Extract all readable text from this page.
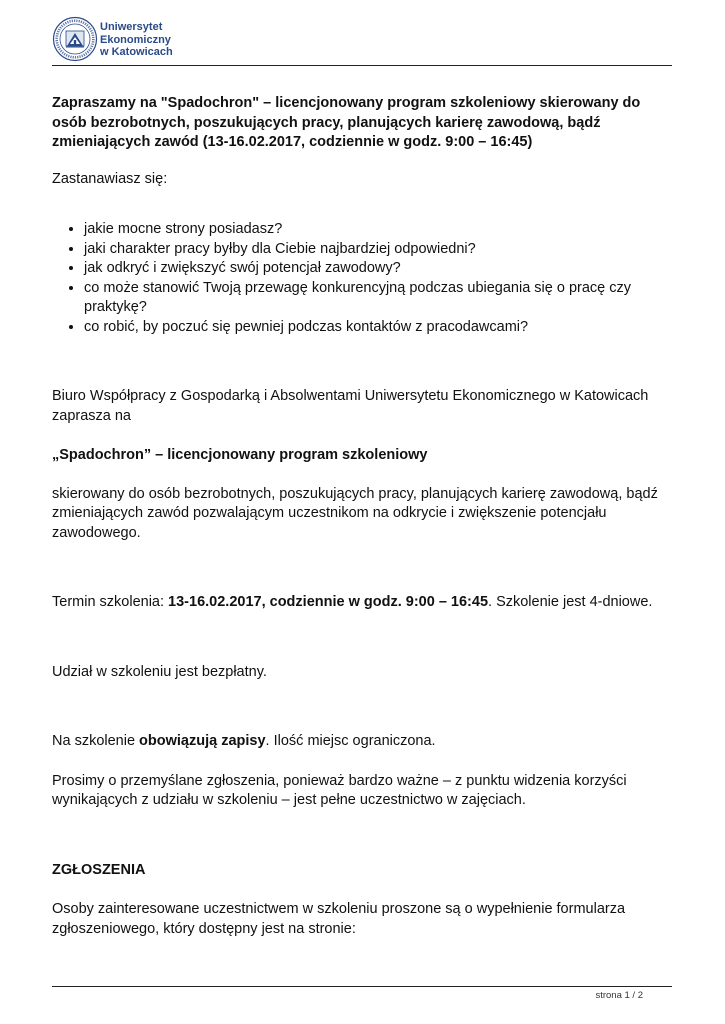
Uniwersytet
Ekonomiczny
w Katowicach

Zapraszamy na "Spadochron" – licencjonowany program szkoleniowy skierowany do osób bezrobotnych, poszukujących pracy, planujących karierę zawodową, bądź zmieniających zawód (13-16.02.2017, codziennie w godz. 9:00 – 16:45)

Zastanawiasz się:

• jakie mocne strony posiadasz?
• jaki charakter pracy byłby dla Ciebie najbardziej odpowiedni?
• jak odkryć i zwiększyć swój potencjał zawodowy?
• co może stanowić Twoją przewagę konkurencyjną podczas ubiegania się o pracę czy praktykę?
• co robić, by poczuć się pewniej podczas kontaktów z pracodawcami?

Biuro Współpracy z Gospodarką i Absolwentami Uniwersytetu Ekonomicznego w Katowicach zaprasza na

„Spadochron” – licencjonowany program szkoleniowy

skierowany do osób bezrobotnych, poszukujących pracy, planujących karierę zawodową, bądź zmieniających zawód pozwalającym uczestnikom na odkrycie i zwiększenie potencjału zawodowego.

Termin szkolenia: 13-16.02.2017, codziennie w godz. 9:00 – 16:45. Szkolenie jest 4-dniowe.

Udział w szkoleniu jest bezpłatny.

Na szkolenie obowiązują zapisy. Ilość miejsc ograniczona.

Prosimy o przemyślane zgłoszenia, ponieważ bardzo ważne – z punktu widzenia korzyści wynikających z udziału w szkoleniu – jest pełne uczestnictwo w zajęciach.

ZGŁOSZENIA

Osoby zainteresowane uczestnictwem w szkoleniu proszone są o wypełnienie formularza zgłoszeniowego, który dostępny jest na stronie:

strona 1 / 2
